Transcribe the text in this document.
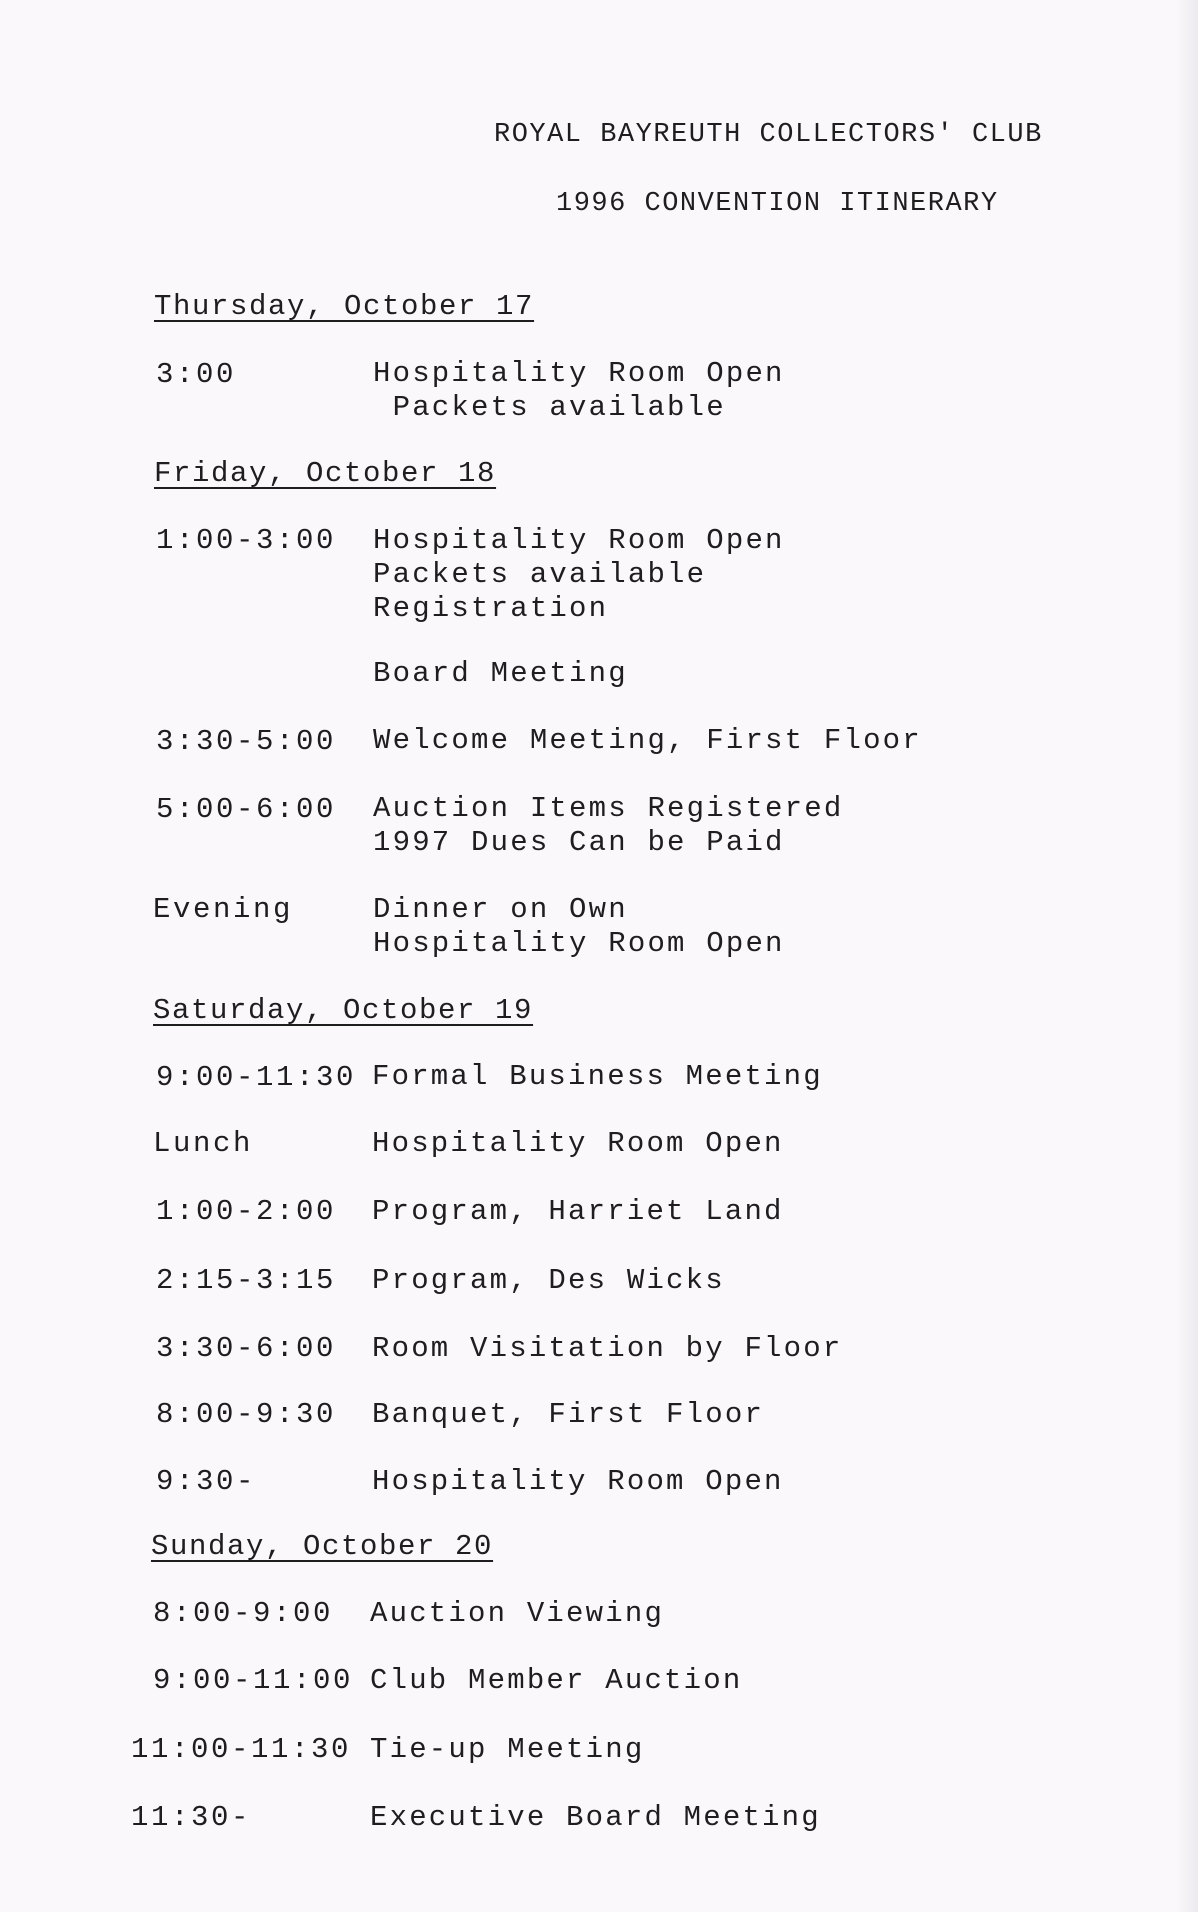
ROYAL BAYREUTH COLLECTORS' CLUB
1996 CONVENTION ITINERARY
Thursday, October 17
3:00	Hospitality Room Open
Packets available
Friday, October 18
1:00-3:00 Hospitality Room Open
Packets available
Registration
Board Meeting
3:30-5:00 Welcome Meeting, First Floor
5:00-6:00 Auction Items Registered
1997 Dues Can be Paid
Evening	Dinner on Own
Hospitality Room Open
Saturday, October 19
9:00-11:30 Formal Business Meeting
Lunch	Hospitality Room Open
1:00-2:00 Program, Harriet Land
2:15-3:15 Program, Des Wicks
3:30-6:00 Room Visitation by Floor
8:00-9:30 Banquet, First Floor
9:30-	Hospitality Room Open
Sunday, October 20
8:00-9:00 Auction Viewing
9:00-11:00 Club Member Auction
11:00-11:30 Tie-up Meeting
11:30-	Executive Board Meeting
